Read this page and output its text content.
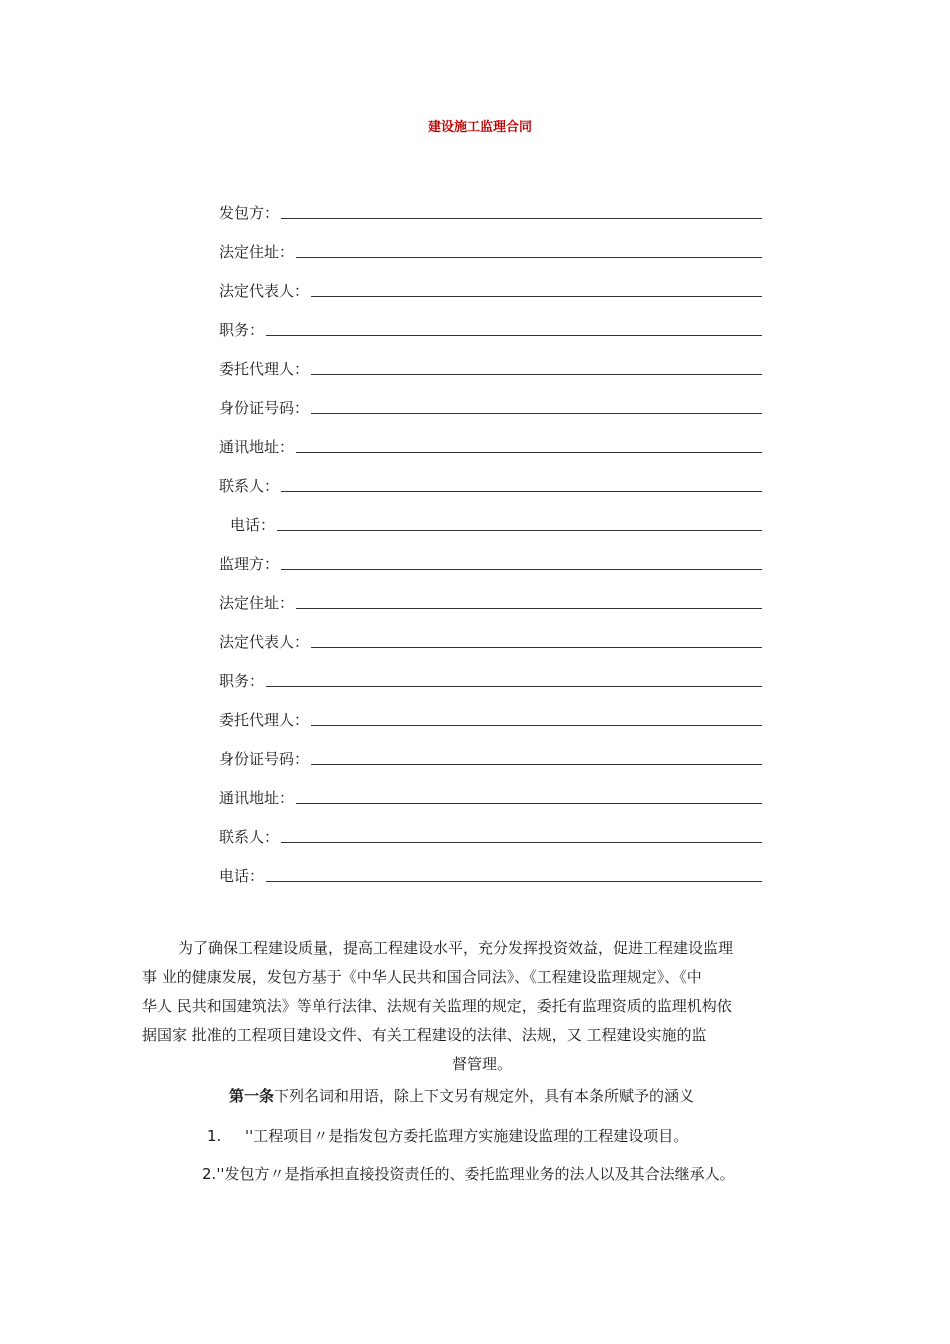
建设施工监理合同
发包方：
法定住址：
法定代表人：
职务：
委托代理人：
身份证号码：
通讯地址：
联系人：
电话：
监理方：
法定住址：
法定代表人：
职务：
委托代理人：
身份证号码：
通讯地址：
联系人：
电话：
为了确保工程建设质量，提高工程建设水平，充分发挥投资效益，促进工程建设监理
事 业的健康发展，发包方基于《中华人民共和国合同法》、《工程建设监理规定》、《中
华人 民共和国建筑法》等单行法律、法规有关监理的规定，委托有监理资质的监理机构依
据国家 批准的工程项目建设文件、有关工程建设的法律、法规，又 工程建设实施的监
督管理。
第一条下列名词和用语，除上下文另有规定外，具有本条所赋予的涵义
1. ''工程项目〃是指发包方委托监理方实施建设监理的工程建设项目。
2.''发包方〃是指承担直接投资责任的、委托监理业务的法人以及其合法继承人。
